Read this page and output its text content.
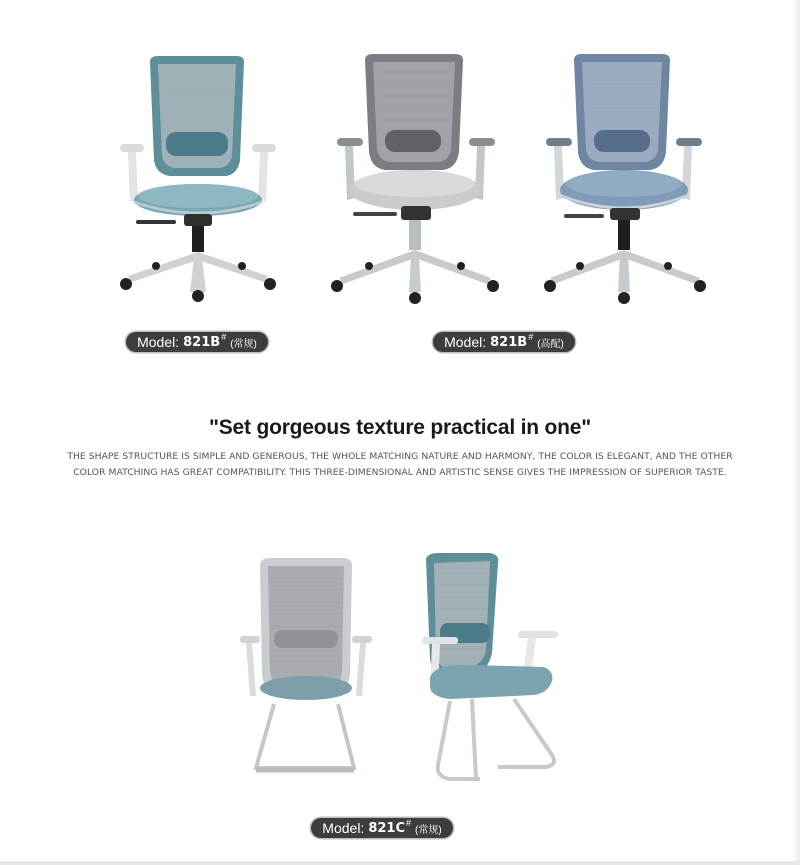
Model: 821B #
(常规)	Model: 821B #
(高配)
"Set gorgeous texture practical in one"
THE SHAPE STRUCTURE IS SIMPLE AND GENEROUS, THE WHOLE MATCHING NATURE AND HARMONY, THE COLOR IS ELEGANT, AND THE OTHER COLOR MATCHING HAS GREAT COMPATIBILITY. THIS THREE-DIMENSIONAL AND ARTISTIC SENSE GIVES THE IMPRESSION OF SUPERIOR TASTE.
Model: 821C #
(常规)
